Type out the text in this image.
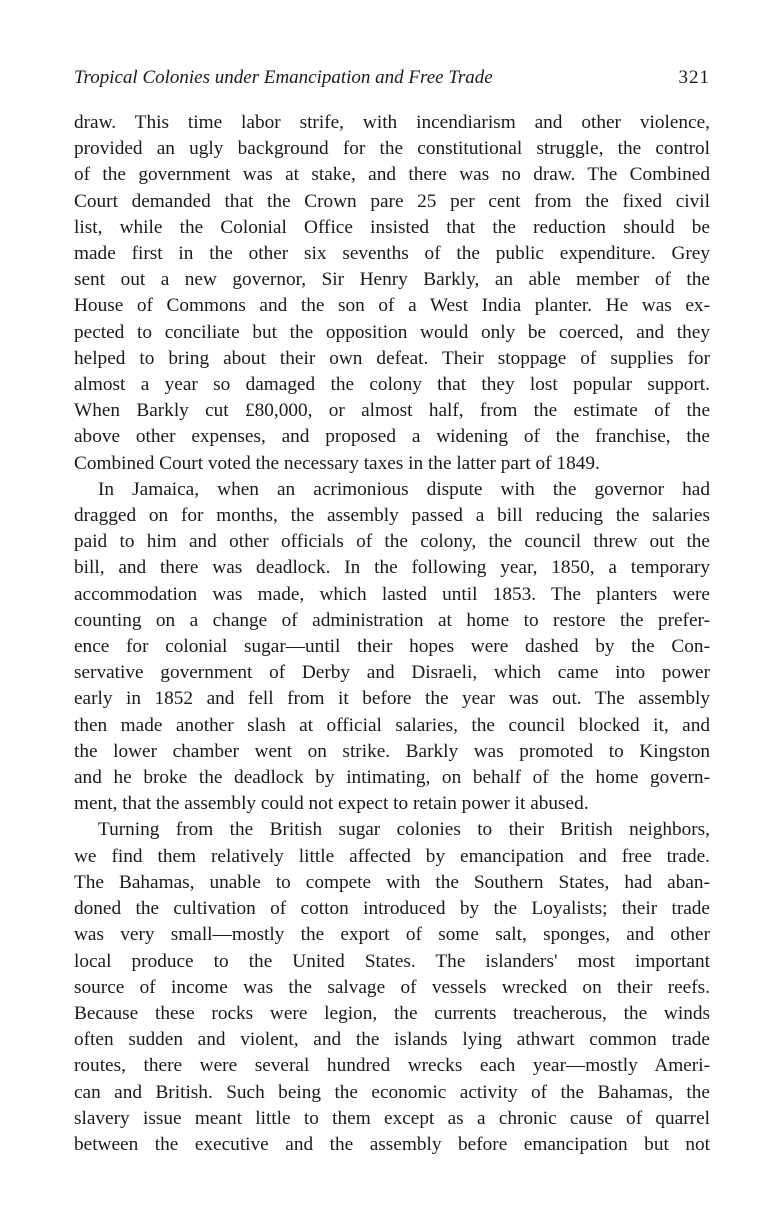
Tropical Colonies under Emancipation and Free Trade	321

draw. This time labor strife, with incendiarism and other violence,
provided an ugly background for the constitutional struggle, the control
of the government was at stake, and there was no draw. The Combined
Court demanded that the Crown pare 25 per cent from the fixed civil
list, while the Colonial Office insisted that the reduction should be
made first in the other six sevenths of the public expenditure. Grey
sent out a new governor, Sir Henry Barkly, an able member of the
House of Commons and the son of a West India planter. He was ex-
pected to conciliate but the opposition would only be coerced, and they
helped to bring about their own defeat. Their stoppage of supplies for
almost a year so damaged the colony that they lost popular support.
When Barkly cut £80,000, or almost half, from the estimate of the
above other expenses, and proposed a widening of the franchise, the
Combined Court voted the necessary taxes in the latter part of 1849.

In Jamaica, when an acrimonious dispute with the governor had
dragged on for months, the assembly passed a bill reducing the salaries
paid to him and other officials of the colony, the council threw out the
bill, and there was deadlock. In the following year, 1850, a temporary
accommodation was made, which lasted until 1853. The planters were
counting on a change of administration at home to restore the prefer-
ence for colonial sugar—until their hopes were dashed by the Con-
servative government of Derby and Disraeli, which came into power
early in 1852 and fell from it before the year was out. The assembly
then made another slash at official salaries, the council blocked it, and
the lower chamber went on strike. Barkly was promoted to Kingston
and he broke the deadlock by intimating, on behalf of the home govern-
ment, that the assembly could not expect to retain power it abused.

Turning from the British sugar colonies to their British neighbors,
we find them relatively little affected by emancipation and free trade.
The Bahamas, unable to compete with the Southern States, had aban-
doned the cultivation of cotton introduced by the Loyalists; their trade
was very small—mostly the export of some salt, sponges, and other
local produce to the United States. The islanders' most important
source of income was the salvage of vessels wrecked on their reefs.
Because these rocks were legion, the currents treacherous, the winds
often sudden and violent, and the islands lying athwart common trade
routes, there were several hundred wrecks each year—mostly Ameri-
can and British. Such being the economic activity of the Bahamas, the
slavery issue meant little to them except as a chronic cause of quarrel
between the executive and the assembly before emancipation but not
